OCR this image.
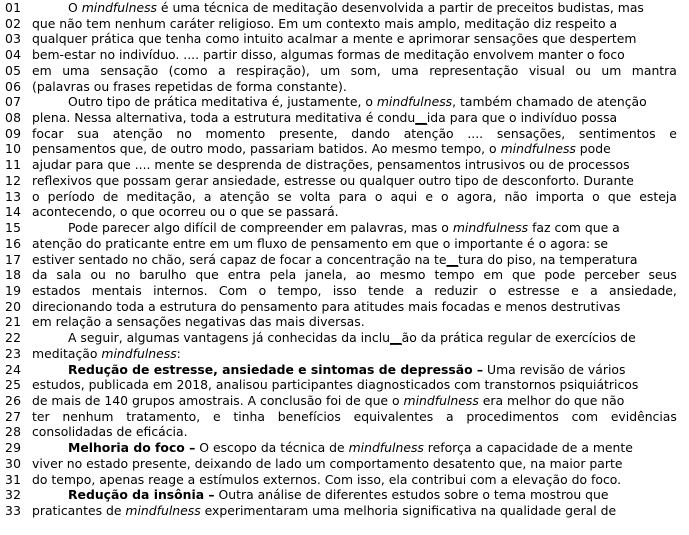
01	O mindfulness é uma técnica de meditação desenvolvida a partir de preceitos budistas, mas
02 que não tem nenhum caráter religioso. Em um contexto mais amplo, meditação diz respeito a
03 qualquer prática que tenha como intuito acalmar a mente e aprimorar sensações que despertem
04 bem-estar no indivíduo. .... partir disso, algumas formas de meditação envolvem manter o foco
05 em uma sensação (como a respiração), um som, uma representação visual ou um mantra
06 (palavras ou frases repetidas de forma constante).
07	Outro tipo de prática meditativa é, justamente, o mindfulness, também chamado de atenção
08 plena. Nessa alternativa, toda a estrutura meditativa é condu__ida para que o indivíduo possa
09 focar sua atenção no momento presente, dando atenção .... sensações, sentimentos e
10 pensamentos que, de outro modo, passariam batidos. Ao mesmo tempo, o mindfulness pode
11 ajudar para que .... mente se desprenda de distrações, pensamentos intrusivos ou de processos
12 reflexivos que possam gerar ansiedade, estresse ou qualquer outro tipo de desconforto. Durante
13 o período de meditação, a atenção se volta para o aqui e o agora, não importa o que esteja
14 acontecendo, o que ocorreu ou o que se passará.
15	Pode parecer algo difícil de compreender em palavras, mas o mindfulness faz com que a
16 atenção do praticante entre em um fluxo de pensamento em que o importante é o agora: se
17 estiver sentado no chão, será capaz de focar a concentração na te__tura do piso, na temperatura
18 da sala ou no barulho que entra pela janela, ao mesmo tempo em que pode perceber seus
19 estados mentais internos. Com o tempo, isso tende a reduzir o estresse e a ansiedade,
20 direcionando toda a estrutura do pensamento para atitudes mais focadas e menos destrutivas
21 em relação a sensações negativas das mais diversas.
22	A seguir, algumas vantagens já conhecidas da inclu__ão da prática regular de exercícios de
23 meditação mindfulness:
24	Redução de estresse, ansiedade e sintomas de depressão – Uma revisão de vários
25 estudos, publicada em 2018, analisou participantes diagnosticados com transtornos psiquiátricos
26 de mais de 140 grupos amostrais. A conclusão foi de que o mindfulness era melhor do que não
27 ter nenhum tratamento, e tinha benefícios equivalentes a procedimentos com evidências
28 consolidadas de eficácia.
29	Melhoria do foco – O escopo da técnica de mindfulness reforça a capacidade de a mente
30 viver no estado presente, deixando de lado um comportamento desatento que, na maior parte
31 do tempo, apenas reage a estímulos externos. Com isso, ela contribui com a elevação do foco.
32	Redução da insônia – Outra análise de diferentes estudos sobre o tema mostrou que
33 praticantes de mindfulness experimentaram uma melhoria significativa na qualidade geral de
